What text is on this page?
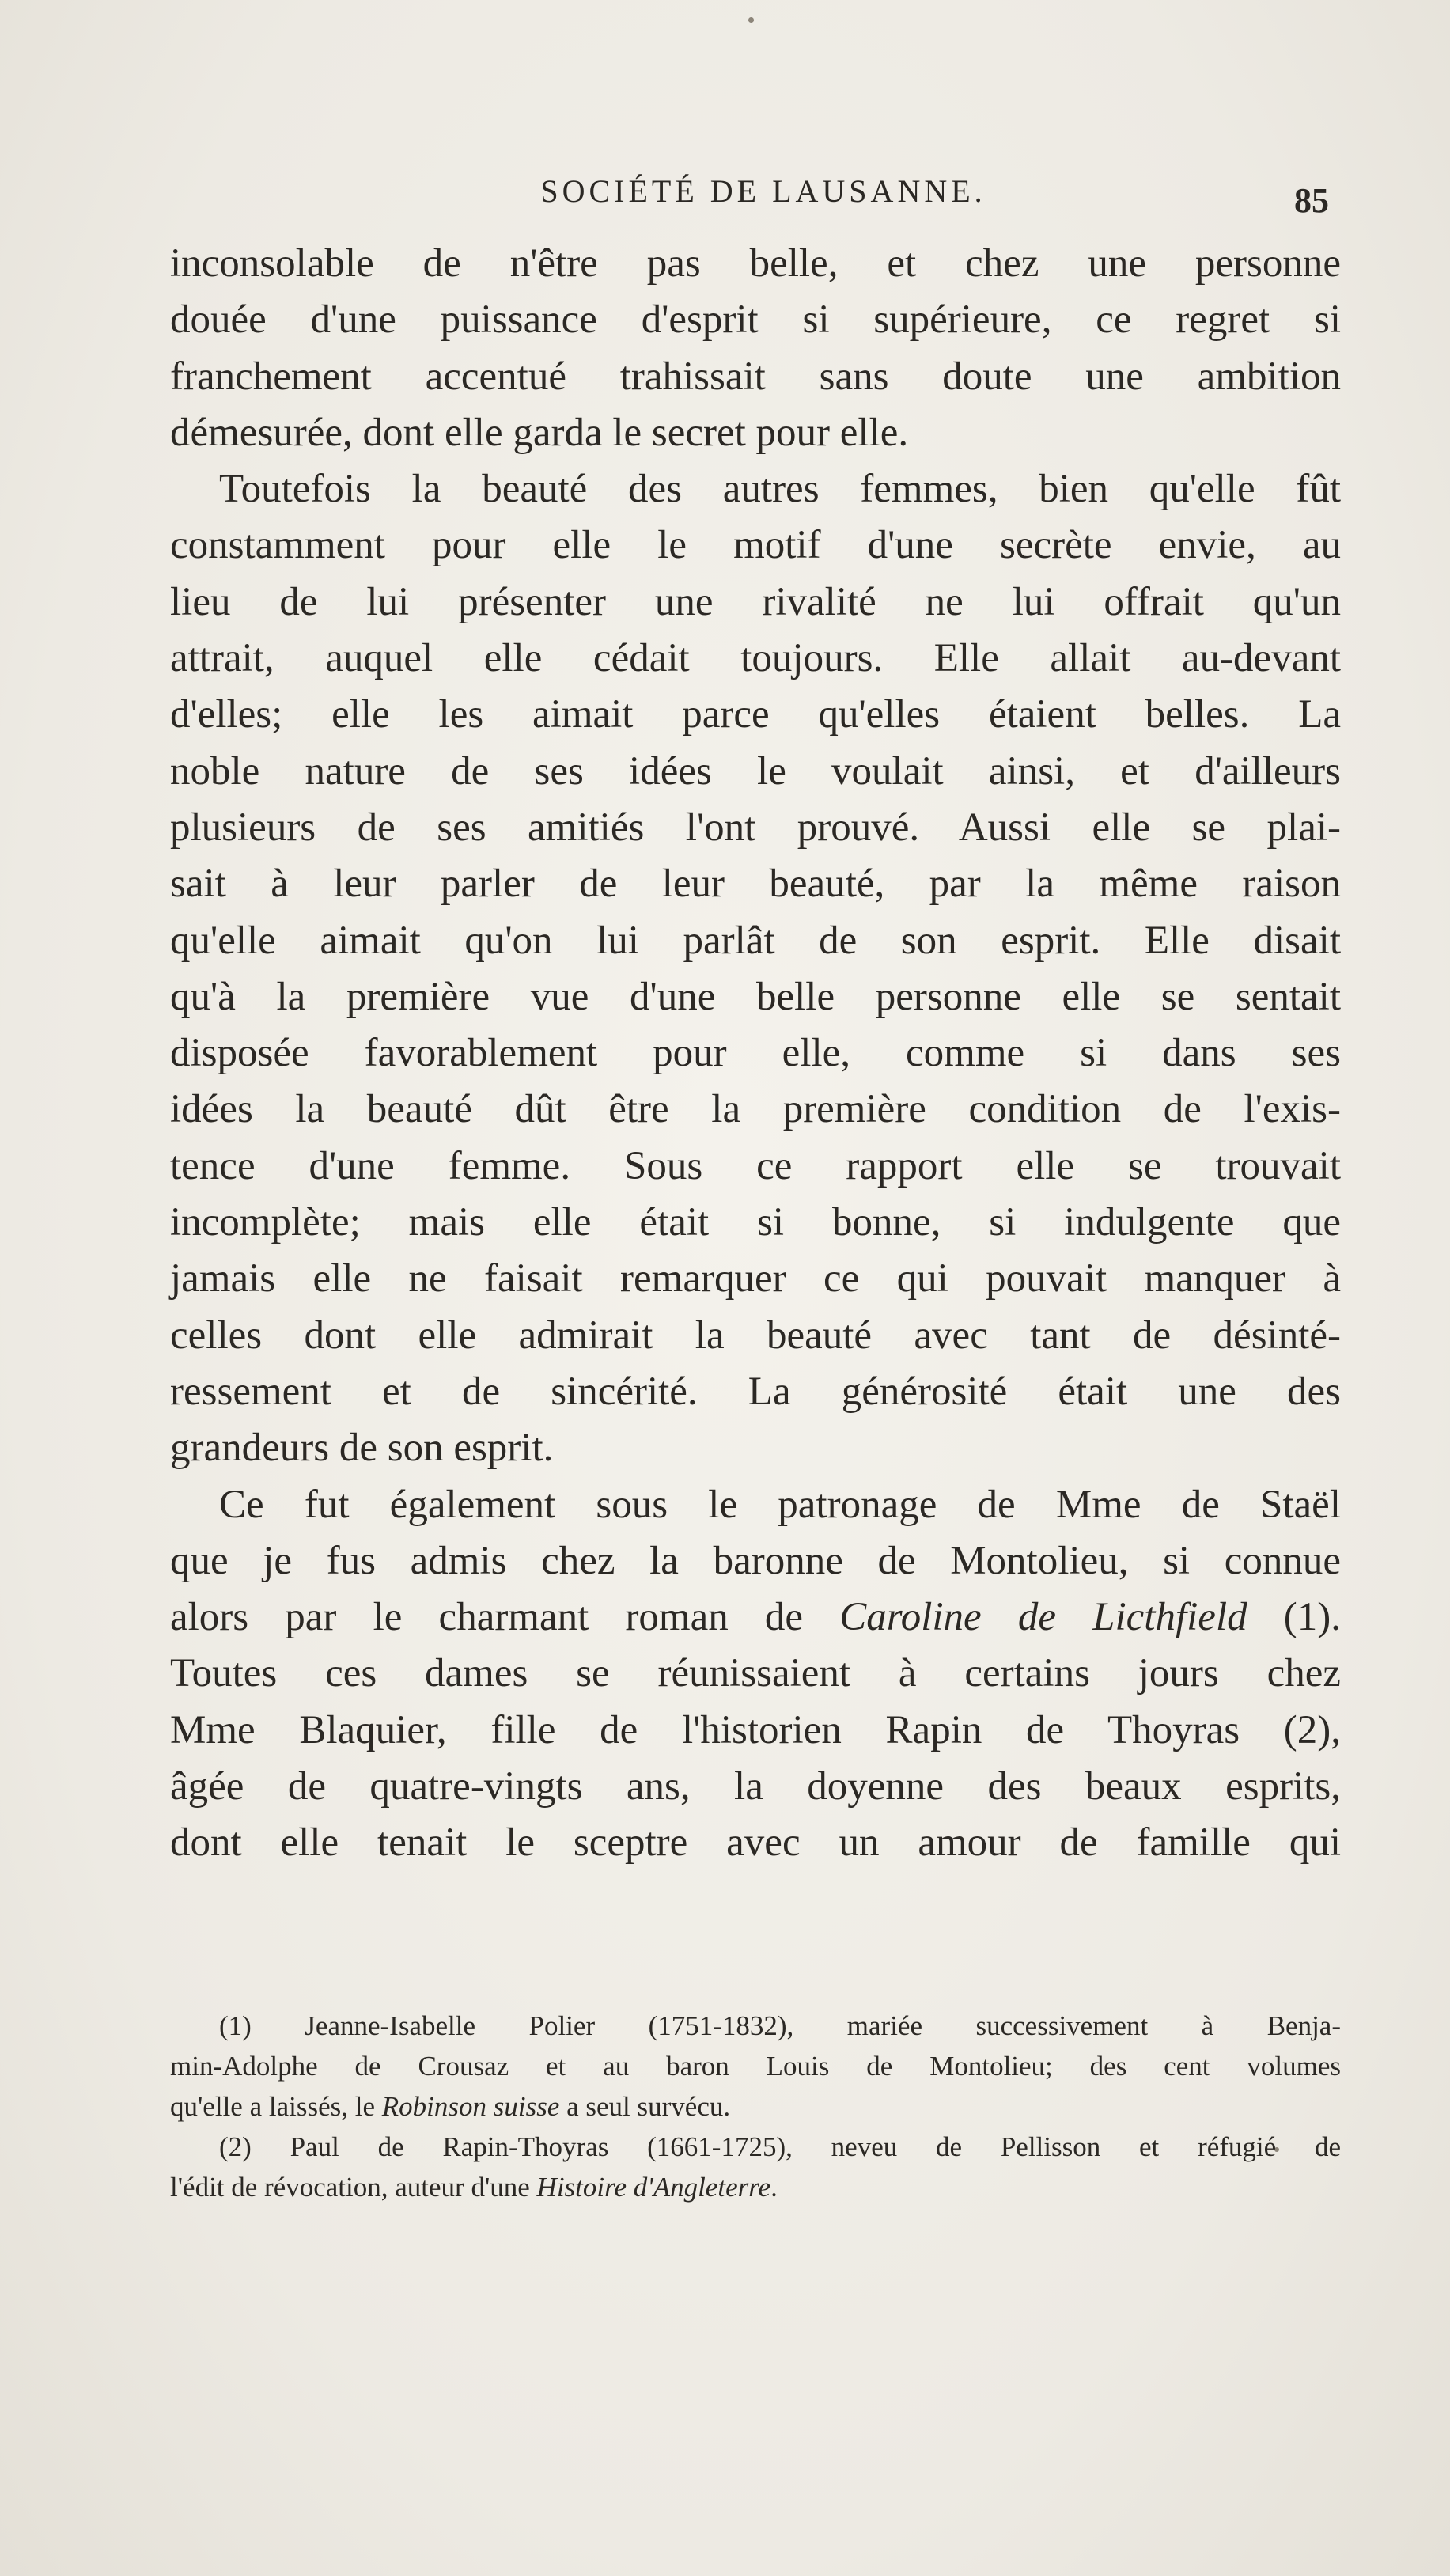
SOCIÉTÉ DE LAUSANNE.	85
inconsolable de n'être pas belle, et chez une personne
douée d'une puissance d'esprit si supérieure, ce regret si
franchement accentué trahissait sans doute une ambition
démesurée, dont elle garda le secret pour elle.
Toutefois la beauté des autres femmes, bien qu'elle fût
constamment pour elle le motif d'une secrète envie, au
lieu de lui présenter une rivalité ne lui offrait qu'un
attrait, auquel elle cédait toujours. Elle allait au-devant
d'elles; elle les aimait parce qu'elles étaient belles. La
noble nature de ses idées le voulait ainsi, et d'ailleurs
plusieurs de ses amitiés l'ont prouvé. Aussi elle se plai-
sait à leur parler de leur beauté, par la même raison
qu'elle aimait qu'on lui parlât de son esprit. Elle disait
qu'à la première vue d'une belle personne elle se sentait
disposée favorablement pour elle, comme si dans ses
idées la beauté dût être la première condition de l'exis-
tence d'une femme. Sous ce rapport elle se trouvait
incomplète; mais elle était si bonne, si indulgente que
jamais elle ne faisait remarquer ce qui pouvait manquer à
celles dont elle admirait la beauté avec tant de désinté-
ressement et de sincérité. La générosité était une des
grandeurs de son esprit.
Ce fut également sous le patronage de Mme de Staël
que je fus admis chez la baronne de Montolieu, si connue
alors par le charmant roman de Caroline de Licthfield (1).
Toutes ces dames se réunissaient à certains jours chez
Mme Blaquier, fille de l'historien Rapin de Thoyras (2),
âgée de quatre-vingts ans, la doyenne des beaux esprits,
dont elle tenait le sceptre avec un amour de famille qui
(1) Jeanne-Isabelle Polier (1751-1832), mariée successivement à Benja-
min-Adolphe de Crousaz et au baron Louis de Montolieu; des cent volumes
qu'elle a laissés, le Robinson suisse a seul survécu.
(2) Paul de Rapin-Thoyras (1661-1725), neveu de Pellisson et réfugié de
l'édit de révocation, auteur d'une Histoire d'Angleterre.
